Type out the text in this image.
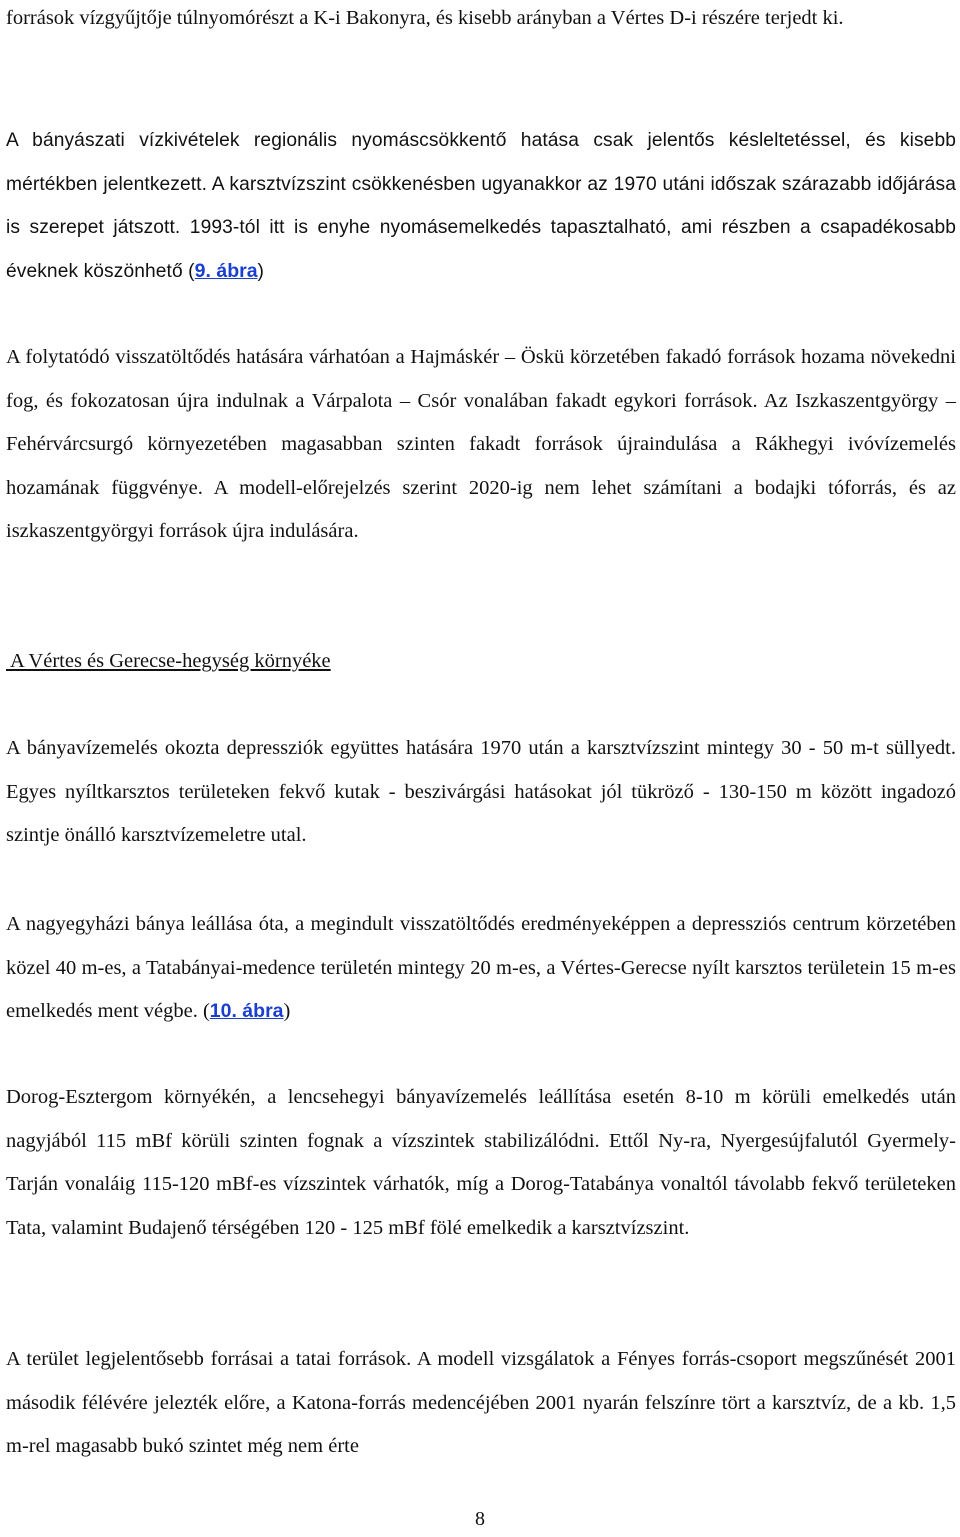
források vízgyűjtője túlnyomórészt a K-i Bakonyra, és kisebb arányban a Vértes D-i részére terjedt ki.

A bányászati vízkivételek regionális nyomáscsökkentő hatása csak jelentős késleltetéssel, és kisebb mértékben jelentkezett. A karsztvízszint csökkenésben ugyanakkor az 1970 utáni időszak szárazabb időjárása is szerepet játszott. 1993-tól itt is enyhe nyomásemelkedés tapasztalható, ami részben a csapadékosabb éveknek köszönhető (9. ábra)

A folytatódó visszatöltődés hatására várhatóan a Hajmáskér – Öskü körzetében fakadó források hozama növekedni fog, és fokozatosan újra indulnak a Várpalota – Csór vonalában fakadt egykori források. Az Iszkaszentgyörgy – Fehérvárcsurgó környezetében magasabban szinten fakadt források újraindulása a Rákhegyi ivóvízemelés hozamának függvénye. A modell-előrejelzés szerint 2020-ig nem lehet számítani a bodajki tóforrás, és az iszkaszentgyörgyi források újra indulására.

A Vértes és Gerecse-hegység környéke

A bányavízemelés okozta depressziók együttes hatására 1970 után a karsztvízszint mintegy 30 - 50 m-t süllyedt. Egyes nyíltkarsztos területeken fekvő kutak - beszivárgási hatásokat jól tükröző - 130-150 m között ingadozó szintje önálló karsztvízemeletre utal.

A nagyegyházi bánya leállása óta, a megindult visszatöltődés eredményeképpen a depressziós centrum körzetében közel 40 m-es, a Tatabányai-medence területén mintegy 20 m-es, a Vértes-Gerecse nyílt karsztos területein 15 m-es emelkedés ment végbe. (10. ábra)

Dorog-Esztergom környékén, a lencsehegyi bányavízemelés leállítása esetén 8-10 m körüli emelkedés után nagyjából 115 mBf körüli szinten fognak a vízszintek stabilizálódni. Ettől Ny-ra, Nyergesújfalutól Gyermely-Tarján vonaláig 115-120 mBf-es vízszintek várhatók, míg a Dorog-Tatabánya vonaltól távolabb fekvő területeken Tata, valamint Budajenő térségében 120 - 125 mBf fölé emelkedik a karsztvízszint.

A terület legjelentősebb forrásai a tatai források. A modell vizsgálatok a Fényes forrás-csoport megszűnését 2001 második félévére jelezték előre, a Katona-forrás medencéjében 2001 nyarán felszínre tört a karsztvíz, de a kb. 1,5 m-rel magasabb bukó szintet még nem érte

8
